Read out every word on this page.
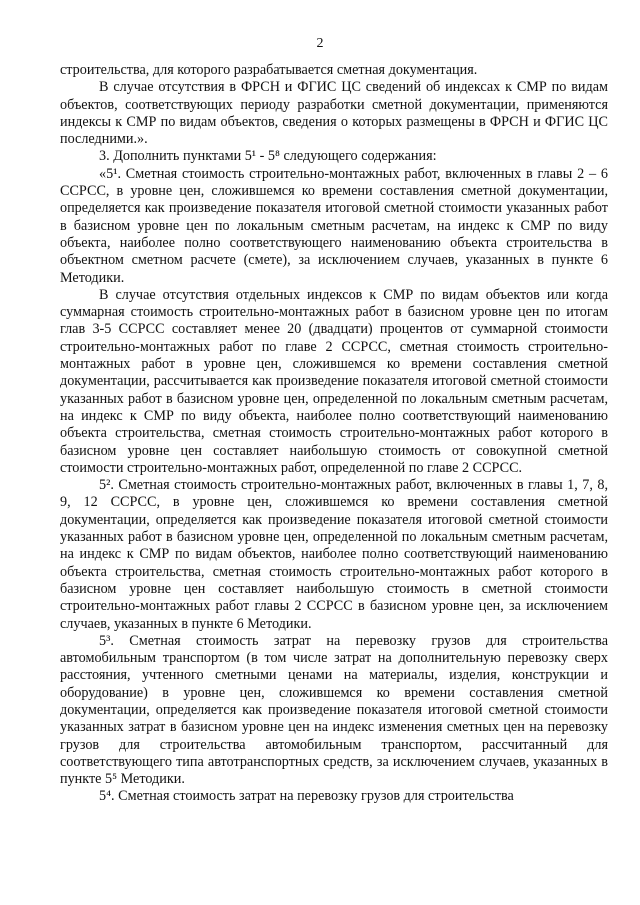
2

строительства, для которого разрабатывается сметная документация.

В случае отсутствия в ФРСН и ФГИС ЦС сведений об индексах к СМР по видам объектов, соответствующих периоду разработки сметной документации, применяются индексы к СМР по видам объектов, сведения о которых размещены в ФРСН и ФГИС ЦС последними.».

3. Дополнить пунктами 5¹ - 5⁸ следующего содержания:

«5¹. Сметная стоимость строительно-монтажных работ, включенных в главы 2 – 6 ССРСС, в уровне цен, сложившемся ко времени составления сметной документации, определяется как произведение показателя итоговой сметной стоимости указанных работ в базисном уровне цен по локальным сметным расчетам, на индекс к СМР по виду объекта, наиболее полно соответствующего наименованию объекта строительства в объектном сметном расчете (смете), за исключением случаев, указанных в пункте 6 Методики.

В случае отсутствия отдельных индексов к СМР по видам объектов или когда суммарная стоимость строительно-монтажных работ в базисном уровне цен по итогам глав 3-5 ССРСС составляет менее 20 (двадцати) процентов от суммарной стоимости строительно-монтажных работ по главе 2 ССРСС, сметная стоимость строительно-монтажных работ в уровне цен, сложившемся ко времени составления сметной документации, рассчитывается как произведение показателя итоговой сметной стоимости указанных работ в базисном уровне цен, определенной по локальным сметным расчетам, на индекс к СМР по виду объекта, наиболее полно соответствующий наименованию объекта строительства, сметная стоимость строительно-монтажных работ которого в базисном уровне цен составляет наибольшую стоимость от совокупной сметной стоимости строительно-монтажных работ, определенной по главе 2 ССРСС.

5². Сметная стоимость строительно-монтажных работ, включенных в главы 1, 7, 8, 9, 12 ССРСС, в уровне цен, сложившемся ко времени составления сметной документации, определяется как произведение показателя итоговой сметной стоимости указанных работ в базисном уровне цен, определенной по локальным сметным расчетам, на индекс к СМР по видам объектов, наиболее полно соответствующий наименованию объекта строительства, сметная стоимость строительно-монтажных работ которого в базисном уровне цен составляет наибольшую стоимость в сметной стоимости строительно-монтажных работ главы 2 ССРСС в базисном уровне цен, за исключением случаев, указанных в пункте 6 Методики.

5³. Сметная стоимость затрат на перевозку грузов для строительства автомобильным транспортом (в том числе затрат на дополнительную перевозку сверх расстояния, учтенного сметными ценами на материалы, изделия, конструкции и оборудование) в уровне цен, сложившемся ко времени составления сметной документации, определяется как произведение показателя итоговой сметной стоимости указанных затрат в базисном уровне цен на индекс изменения сметных цен на перевозку грузов для строительства автомобильным транспортом, рассчитанный для соответствующего типа автотранспортных средств, за исключением случаев, указанных в пункте 5⁵ Методики.

5⁴. Сметная стоимость затрат на перевозку грузов для строительства
